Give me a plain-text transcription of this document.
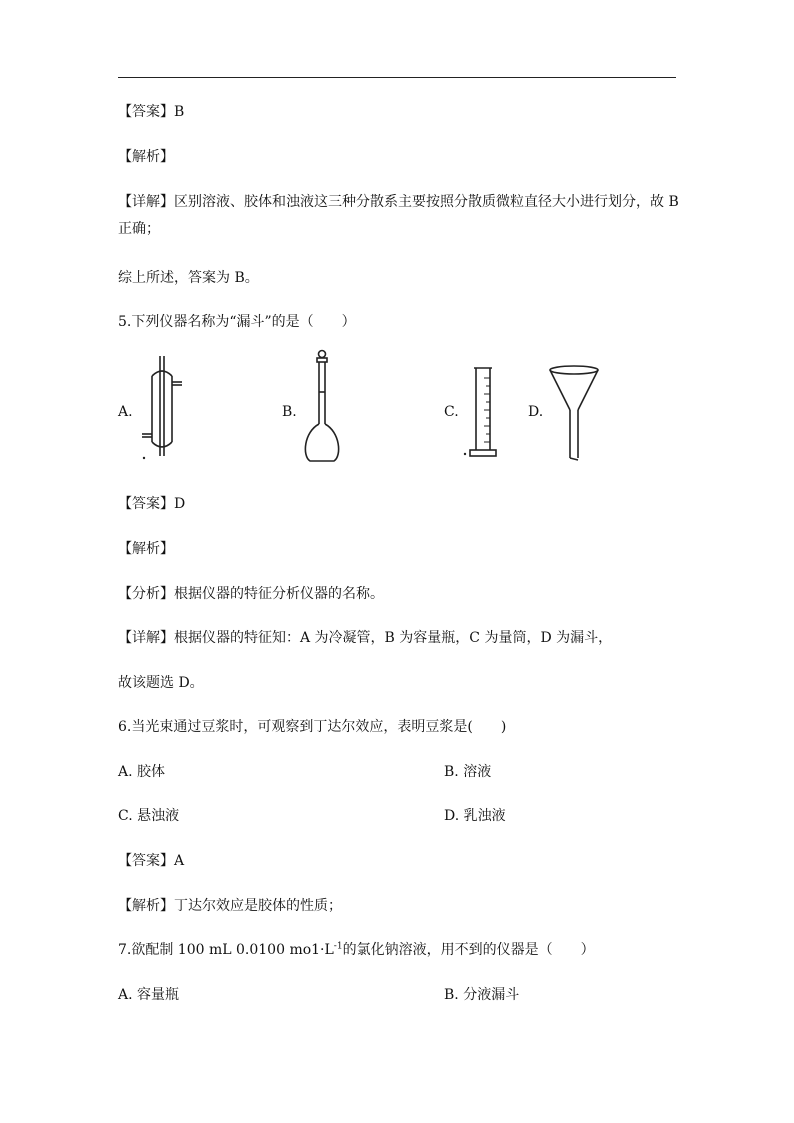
【答案】B
【解析】
【详解】区别溶液、胶体和浊液这三种分散系主要按照分散质微粒直径大小进行划分，故 B
正确；
综上所述，答案为 B。
5.下列仪器名称为“漏斗”的是（　　）
A.	B.	C.	D.
【答案】D
【解析】
【分析】根据仪器的特征分析仪器的名称。
【详解】根据仪器的特征知：A 为冷凝管，B 为容量瓶，C 为量筒，D 为漏斗，
故该题选 D。
6.当光束通过豆浆时，可观察到丁达尔效应，表明豆浆是(　　)
A. 胶体	B. 溶液
C. 悬浊液	D. 乳浊液
【答案】A
【解析】丁达尔效应是胶体的性质；
7.欲配制 100 mL 0.0100 $mo1\cdot L^{-1}$的氯化钠溶液，用不到的仪器是（　　）
A. 容量瓶	B. 分液漏斗
